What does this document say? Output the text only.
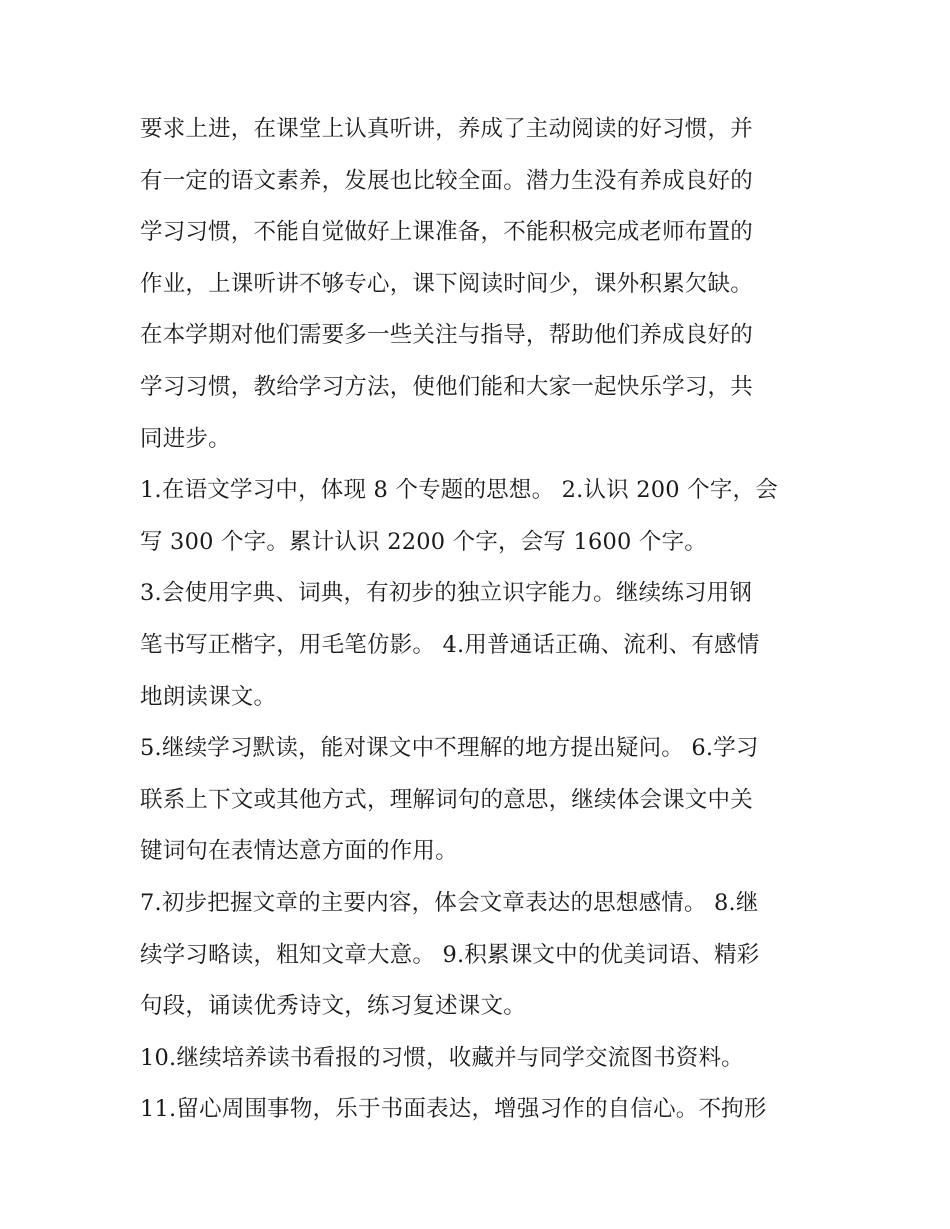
要求上进，在课堂上认真听讲，养成了主动阅读的好习惯，并
有一定的语文素养，发展也比较全面。潜力生没有养成良好的
学习习惯，不能自觉做好上课准备，不能积极完成老师布置的
作业，上课听讲不够专心，课下阅读时间少，课外积累欠缺。
在本学期对他们需要多一些关注与指导，帮助他们养成良好的
学习习惯，教给学习方法，使他们能和大家一起快乐学习，共
同进步。

1.在语文学习中，体现 8 个专题的思想。 2.认识 200 个字，会
写 300 个字。累计认识 2200 个字，会写 1600 个字。

3.会使用字典、词典，有初步的独立识字能力。继续练习用钢
笔书写正楷字，用毛笔仿影。 4.用普通话正确、流利、有感情
地朗读课文。

5.继续学习默读，能对课文中不理解的地方提出疑问。 6.学习
联系上下文或其他方式，理解词句的意思，继续体会课文中关
键词句在表情达意方面的作用。

7.初步把握文章的主要内容，体会文章表达的思想感情。 8.继
续学习略读，粗知文章大意。 9.积累课文中的优美词语、精彩
句段，诵读优秀诗文，练习复述课文。

10.继续培养读书看报的习惯，收藏并与同学交流图书资料。

11.留心周围事物，乐于书面表达，增强习作的自信心。不拘形
